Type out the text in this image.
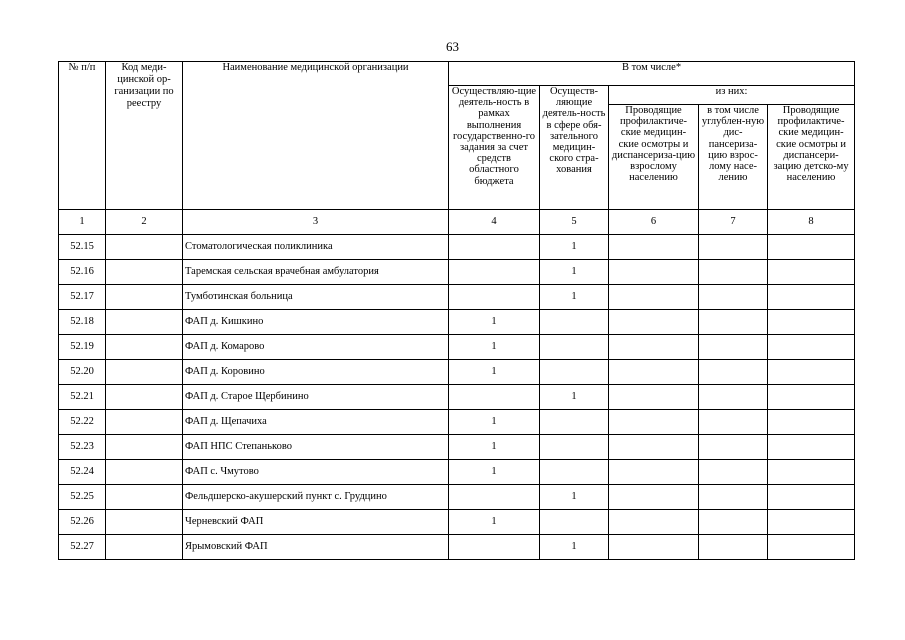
63
№ п/п	Код меди-цинской ор-ганизации по реестру	Наименование медицинской организации	В том числе*				
			Осуществляю-щие деятель-ность в рамках выполнения государственно-го задания за счет средств областного бюджета	Осуществ-ляющие деятель-ность в сфере обя-зательного медицин-ского стра-хования	из них:		
					Проводящие профилактиче-ские медицин-ские осмотры и диспансериза-цию взрослому населению	в том числе углублен-ную дис-пансериза-цию взрос-лому насе-лению	Проводящие профилактиче-ские медицин-ские осмотры и диспансери-зацию детско-му населению
1	2	3	4	5	6	7	8
52.15		Стоматологическая поликлиника		1			
52.16		Таремская сельская врачебная амбулатория		1			
52.17		Тумботинская больница		1			
52.18		ФАП д. Кишкино	1				
52.19		ФАП д. Комарово	1				
52.20		ФАП д. Коровино	1				
52.21		ФАП д. Старое Щербинино		1			
52.22		ФАП д. Щепачиха	1				
52.23		ФАП НПС Степаньково	1				
52.24		ФАП с. Чмутово	1				
52.25		Фельдшерско-акушерский пункт с. Грудцино		1			
52.26		Черневский ФАП	1				
52.27		Ярымовский ФАП		1			
